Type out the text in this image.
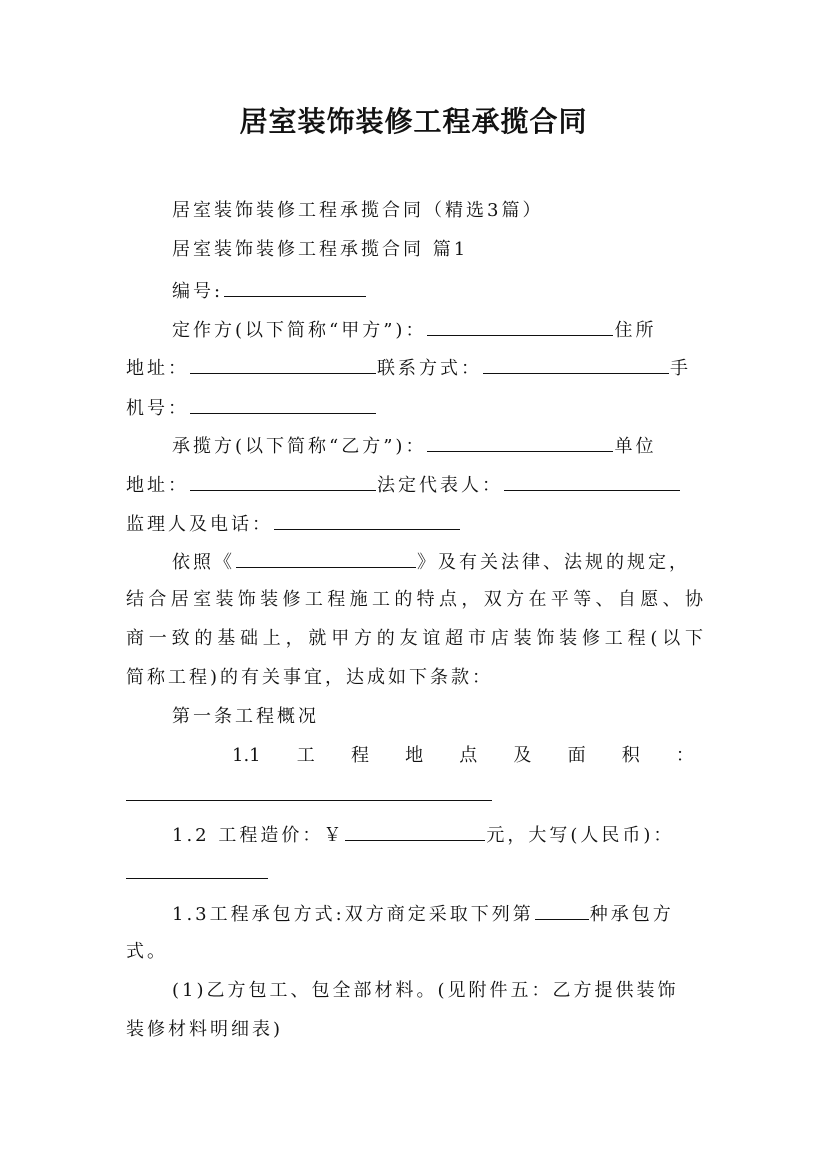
居室装饰装修工程承揽合同
居室装饰装修工程承揽合同（精选3篇）
居室装饰装修工程承揽合同 篇1
编号:
定作方(以下简称“甲方”)：	住所
地址：	联系方式：	手
机号：
承揽方(以下简称“乙方”)：	单位
地址：	法定代表人：
监理人及电话：
依照《	》及有关法律、法规的规定，
结合居室装饰装修工程施工的特点，双方在平等、自愿、协
商一致的基础上，就甲方的友谊超市店装饰装修工程(以下
简称工程)的有关事宜，达成如下条款：
第一条工程概况
1.1 工 程 地 点 及 面 积 ：
1.2 工程造价：￥	元，大写(人民币)：
1.3工程承包方式:双方商定采取下列第	种承包方
式。
(1)乙方包工、包全部材料。(见附件五：乙方提供装饰
装修材料明细表)
